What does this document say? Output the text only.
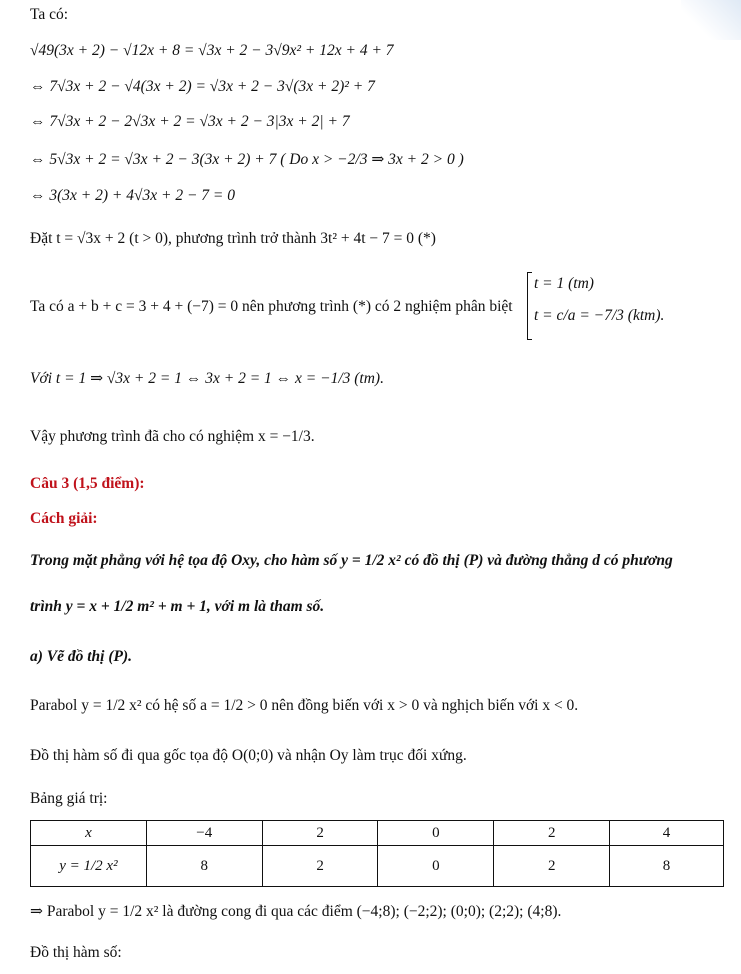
Ta có:
√49(3x + 2) − √12x + 8 = √3x + 2 − 3√9x² + 12x + 4 + 7
⇔ 7√3x + 2 − √4(3x + 2) = √3x + 2 − 3√(3x + 2)² + 7
⇔ 7√3x + 2 − 2√3x + 2 = √3x + 2 − 3|3x + 2| + 7
⇔ 5√3x + 2 = √3x + 2 − 3(3x + 2) + 7 ( Do x > −2/3 ⇒ 3x + 2 > 0 )
⇔ 3(3x + 2) + 4√3x + 2 − 7 = 0
Đặt t = √3x + 2 (t > 0), phương trình trở thành 3t² + 4t − 7 = 0 (*)
Ta có a + b + c = 3 + 4 + (−7) = 0 nên phương trình (*) có 2 nghiệm phân biệt
t = 1 (tm)
t = c/a = −7/3 (ktm).
Với t = 1 ⇒ √3x + 2 = 1 ⇔ 3x + 2 = 1 ⇔ x = −1/3 (tm).
Vậy phương trình đã cho có nghiệm x = −1/3.
Câu 3 (1,5 điểm):
Cách giải:
Trong mặt phẳng với hệ tọa độ Oxy, cho hàm số y = 1/2 x² có đồ thị (P) và đường thẳng d có phương
trình y = x + 1/2 m² + m + 1, với m là tham số.
a) Vẽ đồ thị (P).
Parabol y = 1/2 x² có hệ số a = 1/2 > 0 nên đồng biến với x > 0 và nghịch biến với x < 0.
Đồ thị hàm số đi qua gốc tọa độ O(0;0) và nhận Oy làm trục đối xứng.
Bảng giá trị:
x	−4	2	0	2	4
y = 1/2 x²	8	2	0	2	8
⇒ Parabol y = 1/2 x² là đường cong đi qua các điểm (−4;8); (−2;2); (0;0); (2;2); (4;8).
Đồ thị hàm số:
